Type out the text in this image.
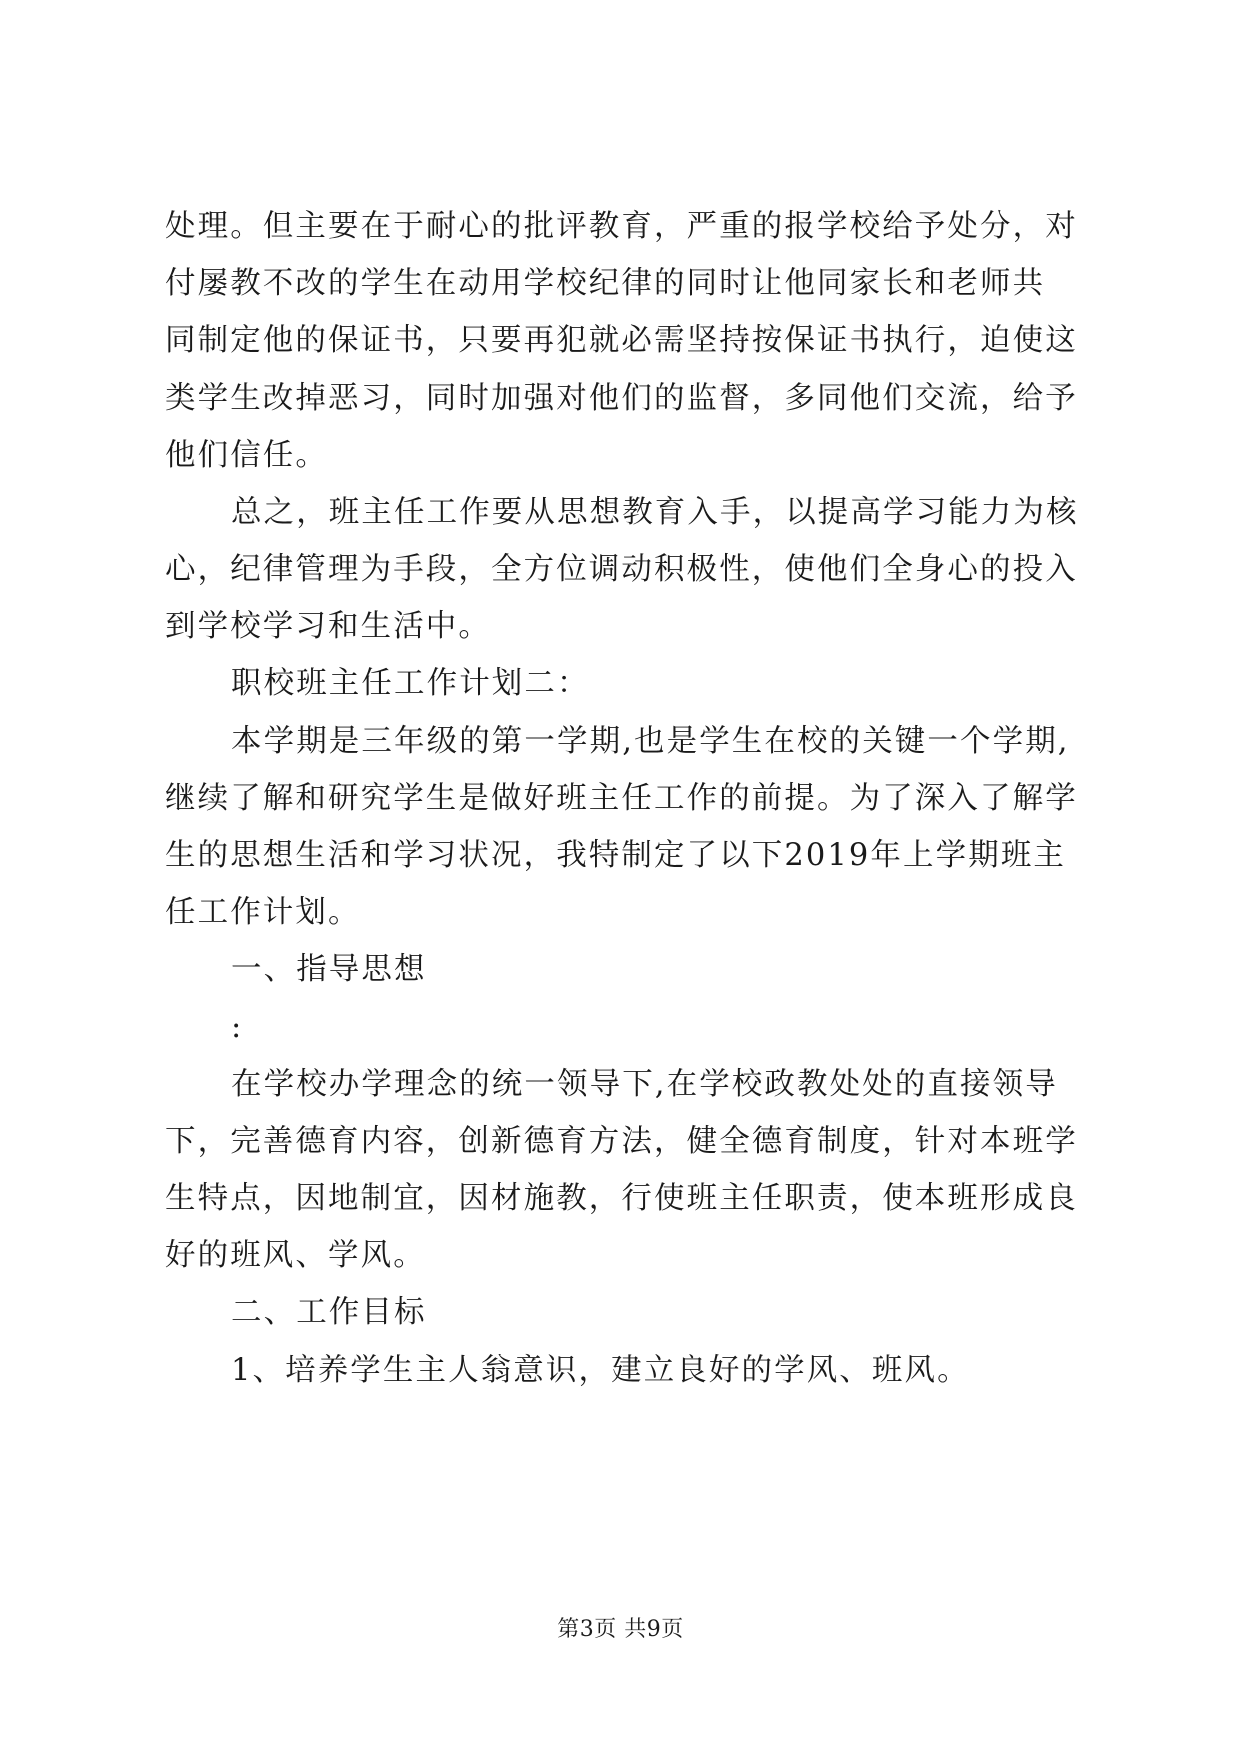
处理。但主要在于耐心的批评教育，严重的报学校给予处分，对
付屡教不改的学生在动用学校纪律的同时让他同家长和老师共
同制定他的保证书，只要再犯就必需坚持按保证书执行，迫使这
类学生改掉恶习，同时加强对他们的监督，多同他们交流，给予
他们信任。
总之，班主任工作要从思想教育入手，以提高学习能力为核
心，纪律管理为手段，全方位调动积极性，使他们全身心的投入
到学校学习和生活中。
职校班主任工作计划二：
本学期是三年级的第一学期,也是学生在校的关键一个学期,
继续了解和研究学生是做好班主任工作的前提。为了深入了解学
生的思想生活和学习状况，我特制定了以下2019年上学期班主
任工作计划。
一、指导思想
:
在学校办学理念的统一领导下,在学校政教处处的直接领导
下，完善德育内容，创新德育方法，健全德育制度，针对本班学
生特点，因地制宜，因材施教，行使班主任职责，使本班形成良
好的班风、学风。
二、工作目标
1、培养学生主人翁意识，建立良好的学风、班风。
第3页 共9页
